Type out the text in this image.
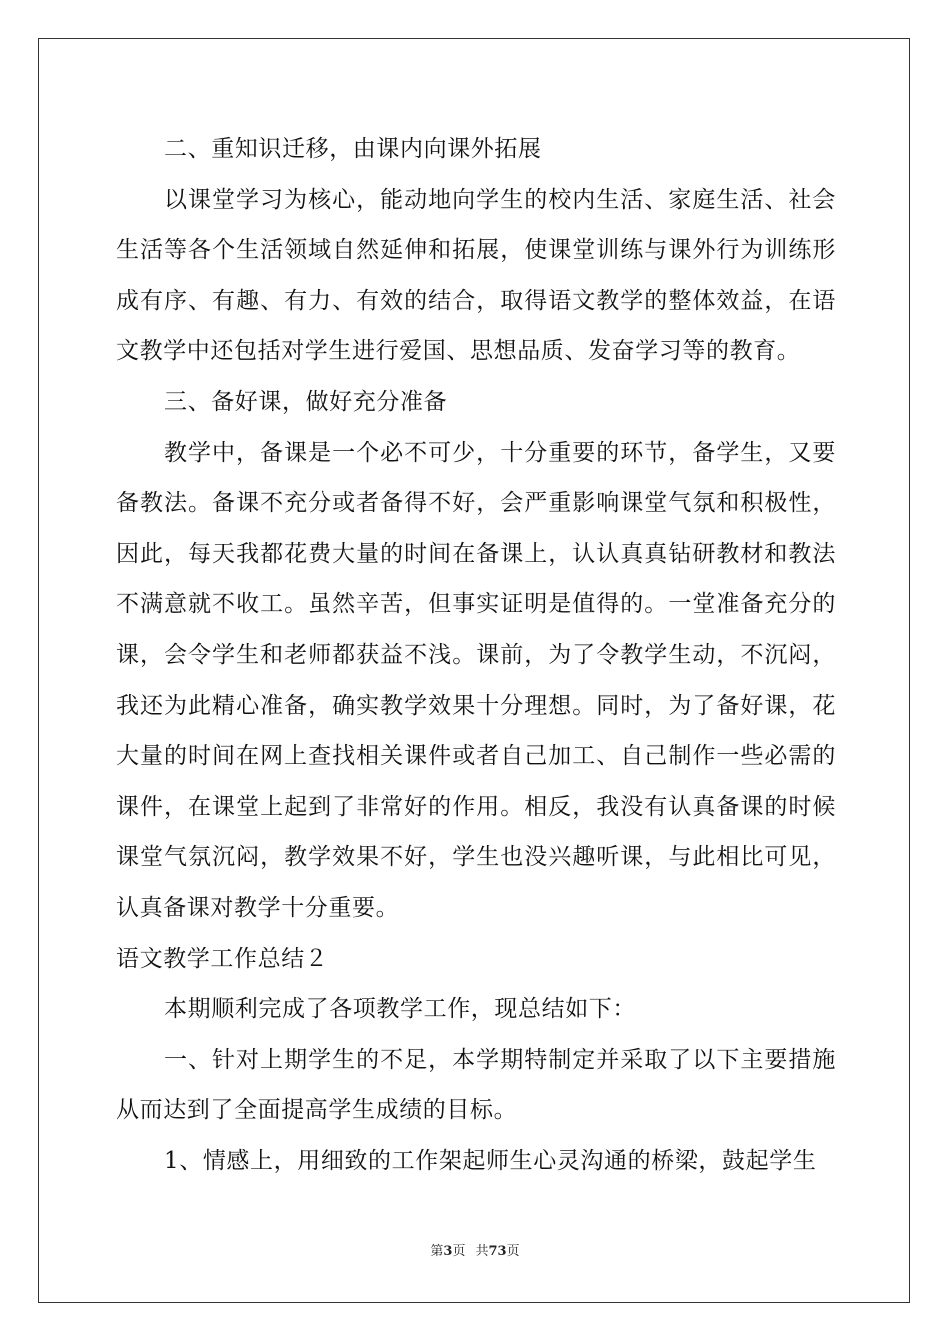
二、重知识迁移，由课内向课外拓展

以课堂学习为核心，能动地向学生的校内生活、家庭生活、社会生活等各个生活领域自然延伸和拓展，使课堂训练与课外行为训练形成有序、有趣、有力、有效的结合，取得语文教学的整体效益，在语文教学中还包括对学生进行爱国、思想品质、发奋学习等的教育。

三、备好课，做好充分准备

教学中，备课是一个必不可少，十分重要的环节，备学生，又要备教法。备课不充分或者备得不好，会严重影响课堂气氛和积极性，因此，每天我都花费大量的时间在备课上，认认真真钻研教材和教法不满意就不收工。虽然辛苦，但事实证明是值得的。一堂准备充分的课，会令学生和老师都获益不浅。课前，为了令教学生动，不沉闷，我还为此精心准备，确实教学效果十分理想。同时，为了备好课，花大量的时间在网上查找相关课件或者自己加工、自己制作一些必需的课件，在课堂上起到了非常好的作用。相反，我没有认真备课的时候课堂气氛沉闷，教学效果不好，学生也没兴趣听课，与此相比可见，认真备课对教学十分重要。

语文教学工作总结２

本期顺利完成了各项教学工作，现总结如下：

一、针对上期学生的不足，本学期特制定并采取了以下主要措施从而达到了全面提高学生成绩的目标。

1、情感上，用细致的工作架起师生心灵沟通的桥梁，鼓起学生

第3页 共73页
